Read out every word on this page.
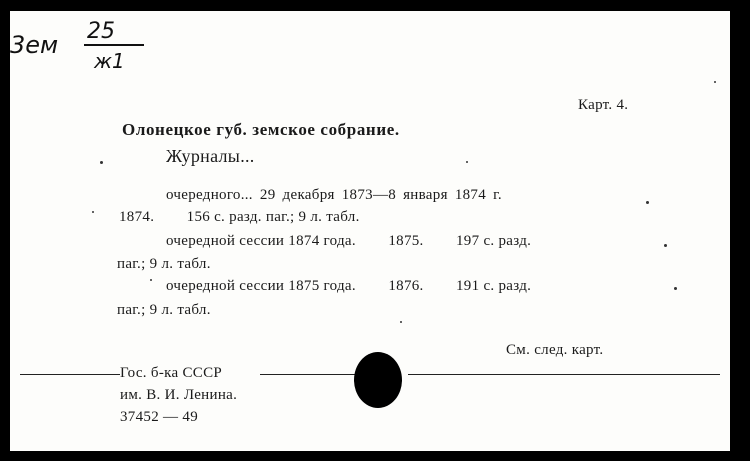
3ем 25
ж1
Карт. 4.
Олонецкое губ. земское собрание.
Журналы...
очередного... 29 декабря 1873—8 января 1874 г.
1874.        156 с. разд. паг.; 9 л. табл.
очередной сессии 1874 года.        1875.        197 с. разд.
паг.; 9 л. табл.
очередной сессии 1875 года.        1876.        191 с. разд.
паг.; 9 л. табл.
См. след. карт.
Гос. б-ка СССР
им. В. И. Ленина.
37452 — 49
